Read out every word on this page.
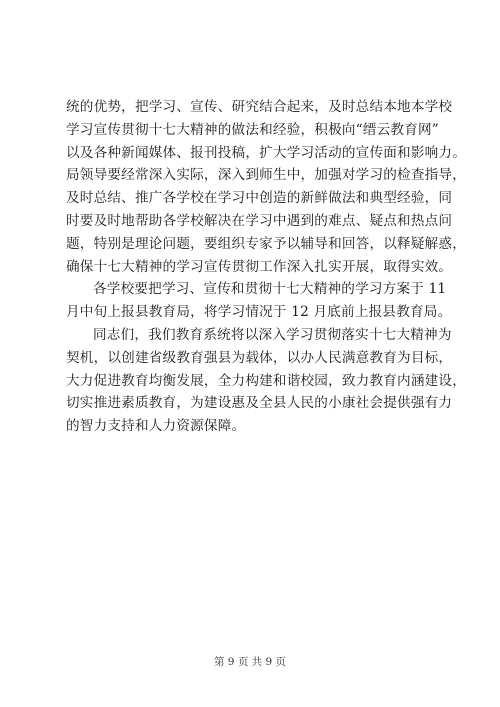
统的优势，把学习、宣传、研究结合起来，及时总结本地本学校
学习宣传贯彻十七大精神的做法和经验，积极向“缙云教育网”
以及各种新闻媒体、报刊投稿，扩大学习活动的宣传面和影响力。
局领导要经常深入实际，深入到师生中，加强对学习的检查指导，
及时总结、推广各学校在学习中创造的新鲜做法和典型经验，同
时要及时地帮助各学校解决在学习中遇到的难点、疑点和热点问
题，特别是理论问题，要组织专家予以辅导和回答，以释疑解惑，
确保十七大精神的学习宣传贯彻工作深入扎实开展，取得实效。
各学校要把学习、宣传和贯彻十七大精神的学习方案于 11
月中旬上报县教育局，将学习情况于 12 月底前上报县教育局。
同志们，我们教育系统将以深入学习贯彻落实十七大精神为
契机，以创建省级教育强县为载体，以办人民满意教育为目标，
大力促进教育均衡发展，全力构建和谐校园，致力教育内涵建设，
切实推进素质教育，为建设惠及全县人民的小康社会提供强有力
的智力支持和人力资源保障。
第 9 页 共 9 页
